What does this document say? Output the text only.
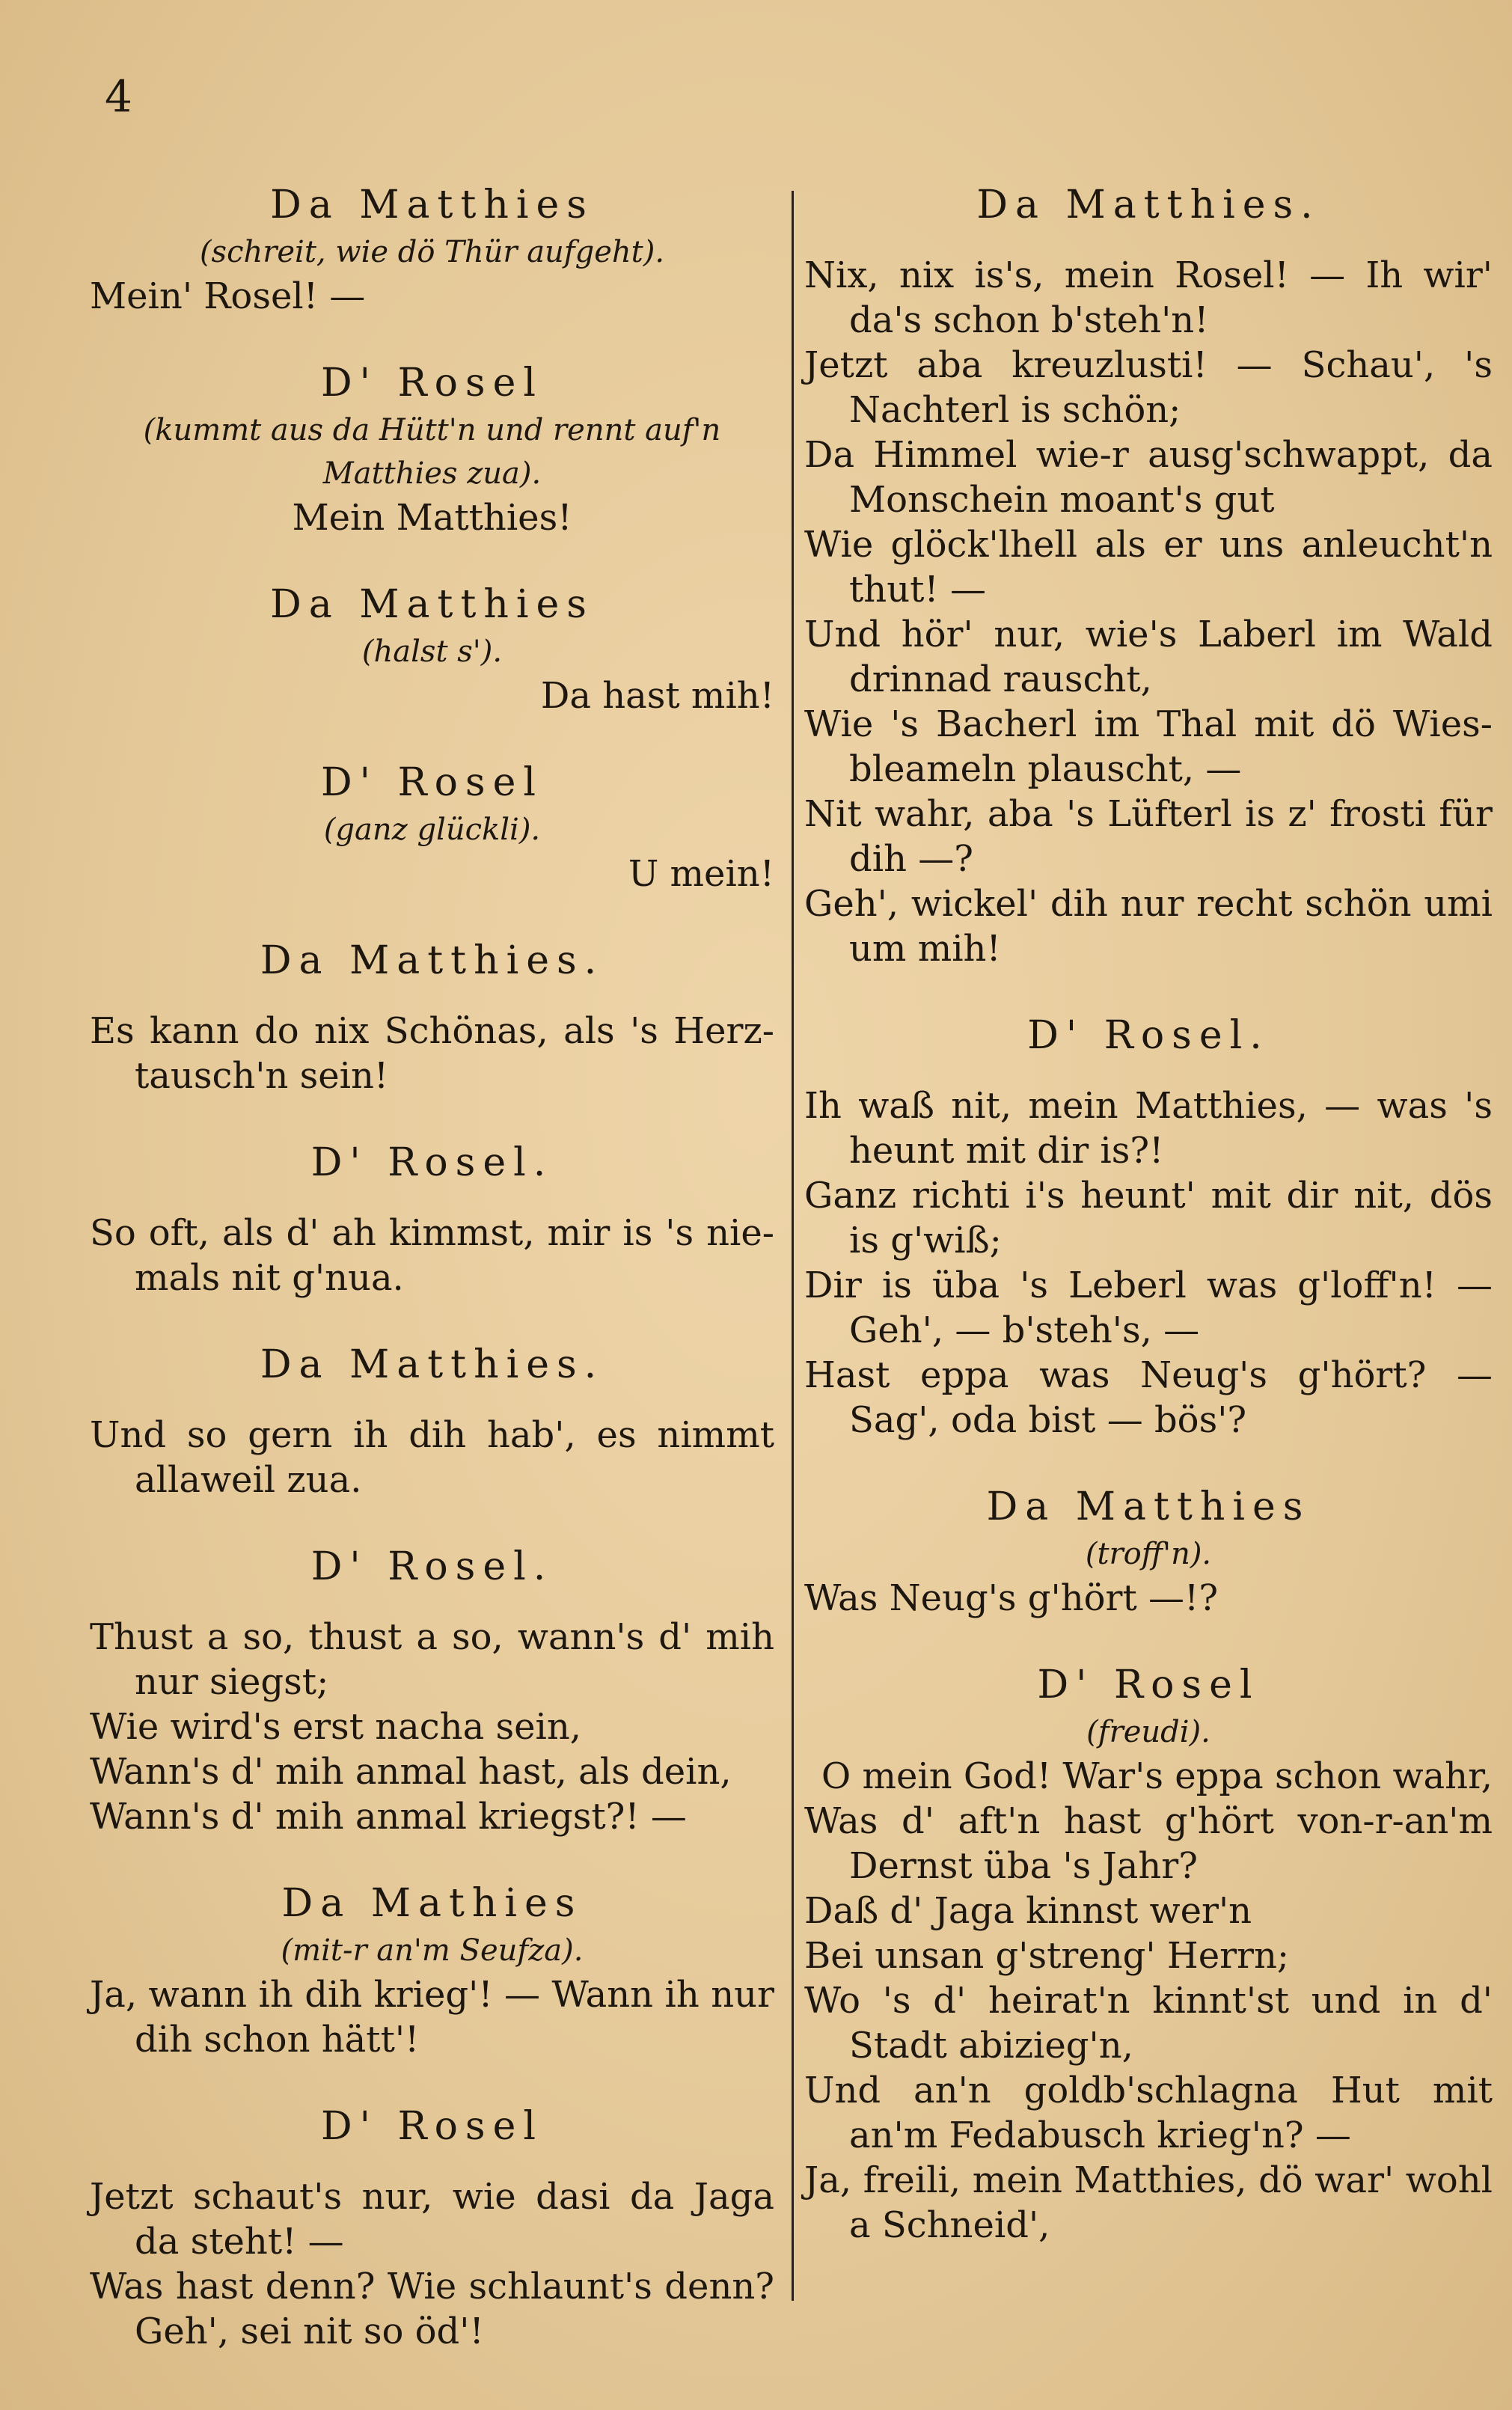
4

Da Matthies

(schreit, wie dö Thür aufgeht).

Mein' Rosel! —

D' Rosel

(kummt aus da Hütt'n und rennt auf'n Matthies zua).

Mein Matthies!

Da Matthies

(halst s').

Da hast mih!

D' Rosel

(ganz glückli).

U mein!

Da Matthies.

Es kann do nix Schönas, als 's Herz-tausch'n sein!

D' Rosel.

So oft, als d' ah kimmst, mir is 's nie-mals nit g'nua.

Da Matthies.

Und so gern ih dih hab', es nimmt allaweil zua.

D' Rosel.

Thust a so, thust a so, wann's d' mih nur siegst;

Wie wird's erst nacha sein,

Wann's d' mih anmal hast, als dein,

Wann's d' mih anmal kriegst?! —

Da Mathies

(mit-r an'm Seufza).

Ja, wann ih dih krieg'! — Wann ih nur dih schon hätt'!

D' Rosel

Jetzt schaut's nur, wie dasi da Jaga da steht! —

Was hast denn? Wie schlaunt's denn? Geh', sei nit so öd'!

Da Matthies.

Nix, nix is's, mein Rosel! — Ih wir' da's schon b'steh'n!

Jetzt aba kreuzlusti! — Schau', 's Nachterl is schön;

Da Himmel wie-r ausg'schwappt, da Monschein moant's gut

Wie glöck'lhell als er uns anleucht'n thut! —

Und hör' nur, wie's Laberl im Wald drinnad rauscht,

Wie 's Bacherl im Thal mit dö Wies-bleameln plauscht, —

Nit wahr, aba 's Lüfterl is z' frosti für dih —?

Geh', wickel' dih nur recht schön umi um mih!

D' Rosel.

Ih waß nit, mein Matthies, — was 's heunt mit dir is?!

Ganz richti i's heunt' mit dir nit, dös is g'wiß;

Dir is üba 's Leberl was g'loff'n! — Geh', — b'steh's, —

Hast eppa was Neug's g'hört? — Sag', oda bist — bös'?

Da Matthies

(troff'n).

Was Neug's g'hört —!?

D' Rosel

(freudi).

O mein God! War's eppa schon wahr,

Was d' aft'n hast g'hört von-r-an'm Dernst üba 's Jahr?

Daß d' Jaga kinnst wer'n

Bei unsan g'streng' Herrn;

Wo 's d' heirat'n kinnt'st und in d' Stadt abizieg'n,

Und an'n goldb'schlagna Hut mit an'm Fedabusch krieg'n? —

Ja, freili, mein Matthies, dö war' wohl a Schneid',
